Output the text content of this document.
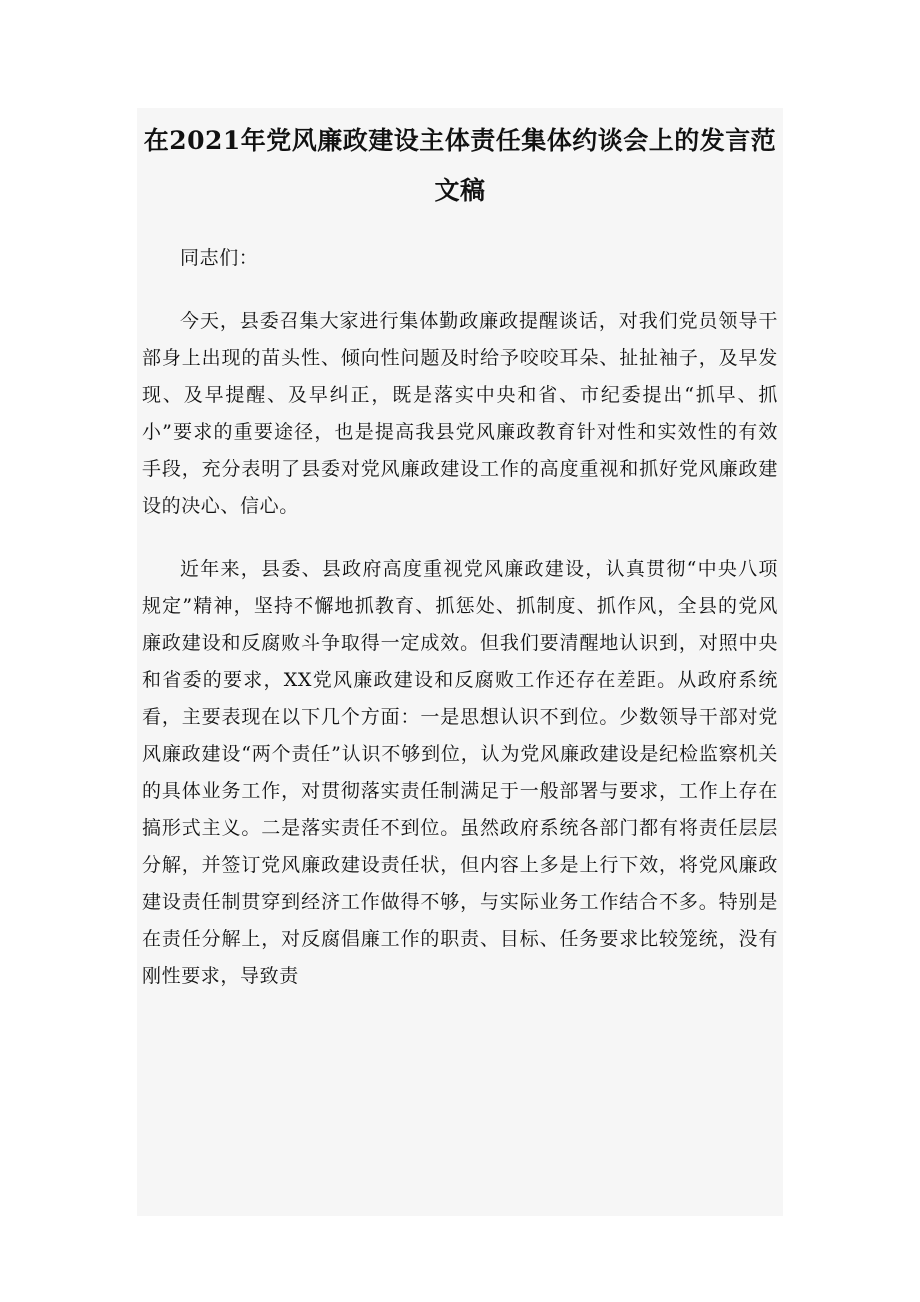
在2021年党风廉政建设主体责任集体约谈会上的发言范文稿

同志们：

今天，县委召集大家进行集体勤政廉政提醒谈话，对我们党员领导干部身上出现的苗头性、倾向性问题及时给予咬咬耳朵、扯扯袖子，及早发现、及早提醒、及早纠正，既是落实中央和省、市纪委提出“抓早、抓小”要求的重要途径，也是提高我县党风廉政教育针对性和实效性的有效手段，充分表明了县委对党风廉政建设工作的高度重视和抓好党风廉政建设的决心、信心。

近年来，县委、县政府高度重视党风廉政建设，认真贯彻“中央八项规定”精神，坚持不懈地抓教育、抓惩处、抓制度、抓作风，全县的党风廉政建设和反腐败斗争取得一定成效。但我们要清醒地认识到，对照中央和省委的要求，XX党风廉政建设和反腐败工作还存在差距。从政府系统看，主要表现在以下几个方面：一是思想认识不到位。少数领导干部对党风廉政建设“两个责任”认识不够到位，认为党风廉政建设是纪检监察机关的具体业务工作，对贯彻落实责任制满足于一般部署与要求，工作上存在搞形式主义。二是落实责任不到位。虽然政府系统各部门都有将责任层层分解，并签订党风廉政建设责任状，但内容上多是上行下效，将党风廉政建设责任制贯穿到经济工作做得不够，与实际业务工作结合不多。特别是在责任分解上，对反腐倡廉工作的职责、目标、任务要求比较笼统，没有刚性要求，导致责
